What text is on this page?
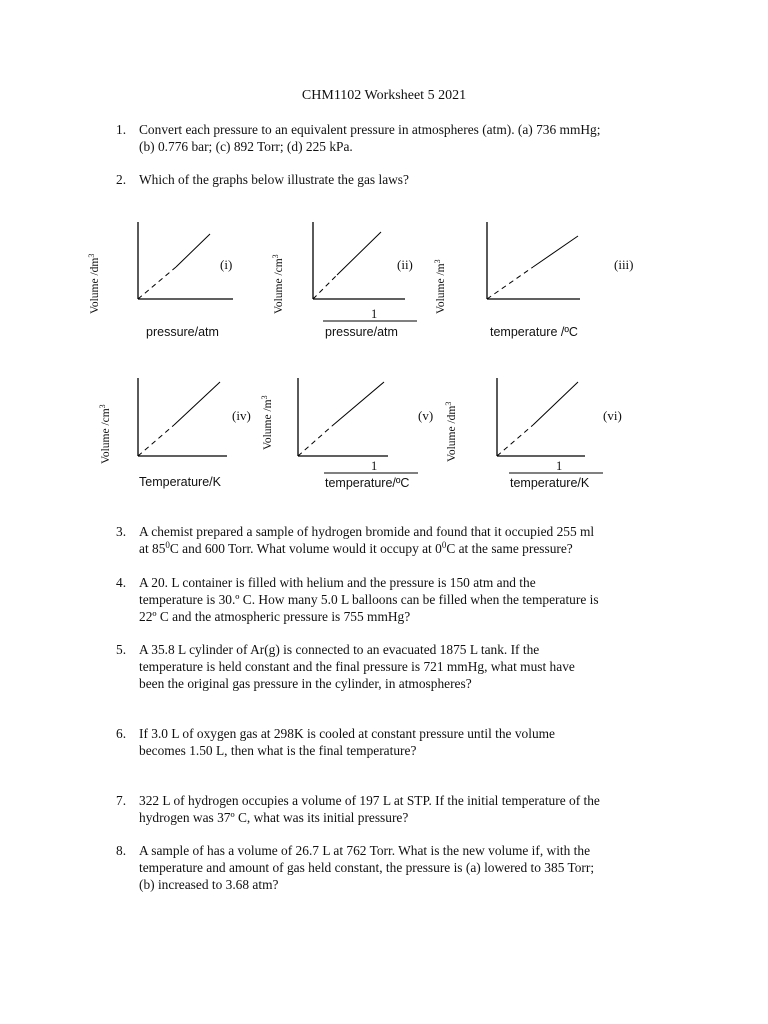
CHM1102 Worksheet 5 2021
1. Convert each pressure to an equivalent pressure in atmospheres (atm). (a) 736 mmHg;
(b) 0.776 bar; (c) 892 Torr; (d) 225 kPa.
2. Which of the graphs below illustrate the gas laws?
(i)
Volume $/dm^3$
pressure/atm
(ii)
Volume $/cm^3$
1
pressure/atm
(iii)
Volume $/m^3$
temperature /ºC
(iv)
Volume $/cm^3$
Temperature/K
(v)
Volume $/m^3$
1
temperature/ºC
(vi)
Volume $/dm^3$
1
temperature/K
3. A chemist prepared a sample of hydrogen bromide and found that it occupied 255 ml
at $85^0C$ and 600 Torr. What volume would it occupy at $0^0C$ at the same pressure?
4. A 20. L container is filled with helium and the pressure is 150 atm and the
temperature is 30.º C. How many 5.0 L balloons can be filled when the temperature is
22º C and the atmospheric pressure is 755 mmHg?
5. A 35.8 L cylinder of Ar(g) is connected to an evacuated 1875 L tank. If the
temperature is held constant and the final pressure is 721 mmHg, what must have
been the original gas pressure in the cylinder, in atmospheres?
6. If 3.0 L of oxygen gas at 298K is cooled at constant pressure until the volume
becomes 1.50 L, then what is the final temperature?
7. 322 L of hydrogen occupies a volume of 197 L at STP. If the initial temperature of the
hydrogen was 37º C, what was its initial pressure?
8. A sample of has a volume of 26.7 L at 762 Torr. What is the new volume if, with the
temperature and amount of gas held constant, the pressure is (a) lowered to 385 Torr;
(b) increased to 3.68 atm?
